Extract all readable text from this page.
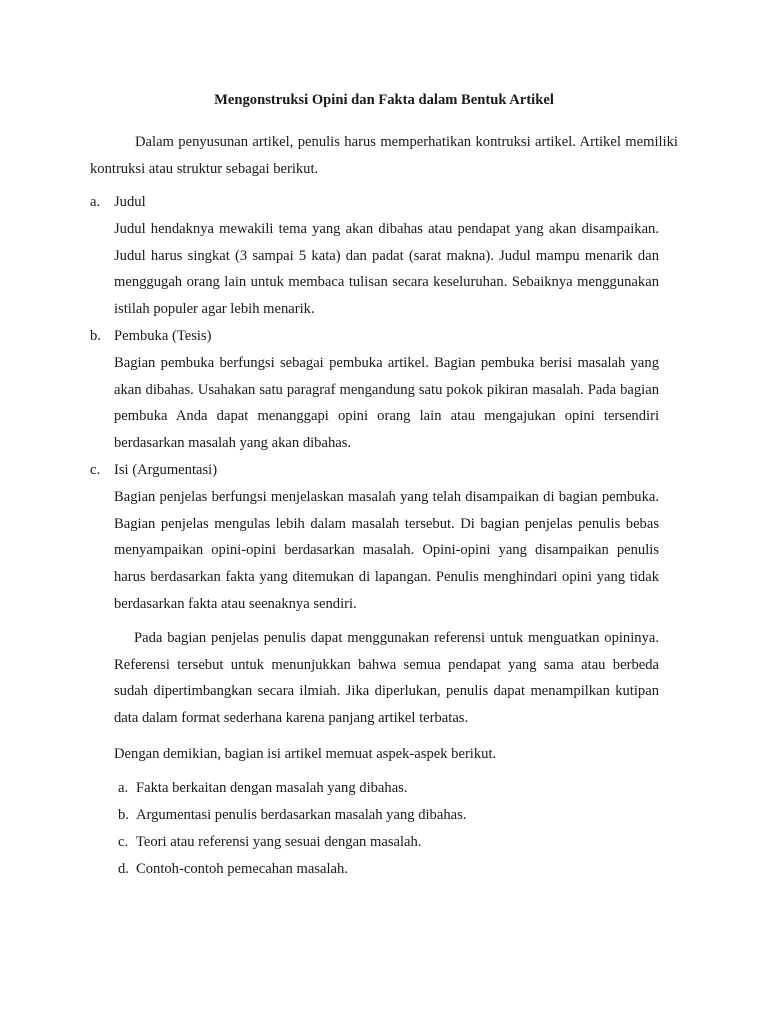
Mengonstruksi Opini dan Fakta dalam Bentuk Artikel
Dalam penyusunan artikel, penulis harus memperhatikan kontruksi artikel. Artikel memiliki kontruksi atau struktur sebagai berikut.
a. Judul
Judul hendaknya mewakili tema yang akan dibahas atau pendapat yang akan disampaikan. Judul harus singkat (3 sampai 5 kata) dan padat (sarat makna). Judul mampu menarik dan menggugah orang lain untuk membaca tulisan secara keseluruhan. Sebaiknya menggunakan istilah populer agar lebih menarik.
b. Pembuka (Tesis)
Bagian pembuka berfungsi sebagai pembuka artikel. Bagian pembuka berisi masalah yang akan dibahas. Usahakan satu paragraf mengandung satu pokok pikiran masalah. Pada bagian pembuka Anda dapat menanggapi opini orang lain atau mengajukan opini tersendiri berdasarkan masalah yang akan dibahas.
c. Isi (Argumentasi)
Bagian penjelas berfungsi menjelaskan masalah yang telah disampaikan di bagian pembuka. Bagian penjelas mengulas lebih dalam masalah tersebut. Di bagian penjelas penulis bebas menyampaikan opini-opini berdasarkan masalah. Opini-opini yang disampaikan penulis harus berdasarkan fakta yang ditemukan di lapangan. Penulis menghindari opini yang tidak berdasarkan fakta atau seenaknya sendiri.
Pada bagian penjelas penulis dapat menggunakan referensi untuk menguatkan opininya. Referensi tersebut untuk menunjukkan bahwa semua pendapat yang sama atau berbeda sudah dipertimbangkan secara ilmiah. Jika diperlukan, penulis dapat menampilkan kutipan data dalam format sederhana karena panjang artikel terbatas.
Dengan demikian, bagian isi artikel memuat aspek-aspek berikut.
a. Fakta berkaitan dengan masalah yang dibahas.
b. Argumentasi penulis berdasarkan masalah yang dibahas.
c. Teori atau referensi yang sesuai dengan masalah.
d. Contoh-contoh pemecahan masalah.
